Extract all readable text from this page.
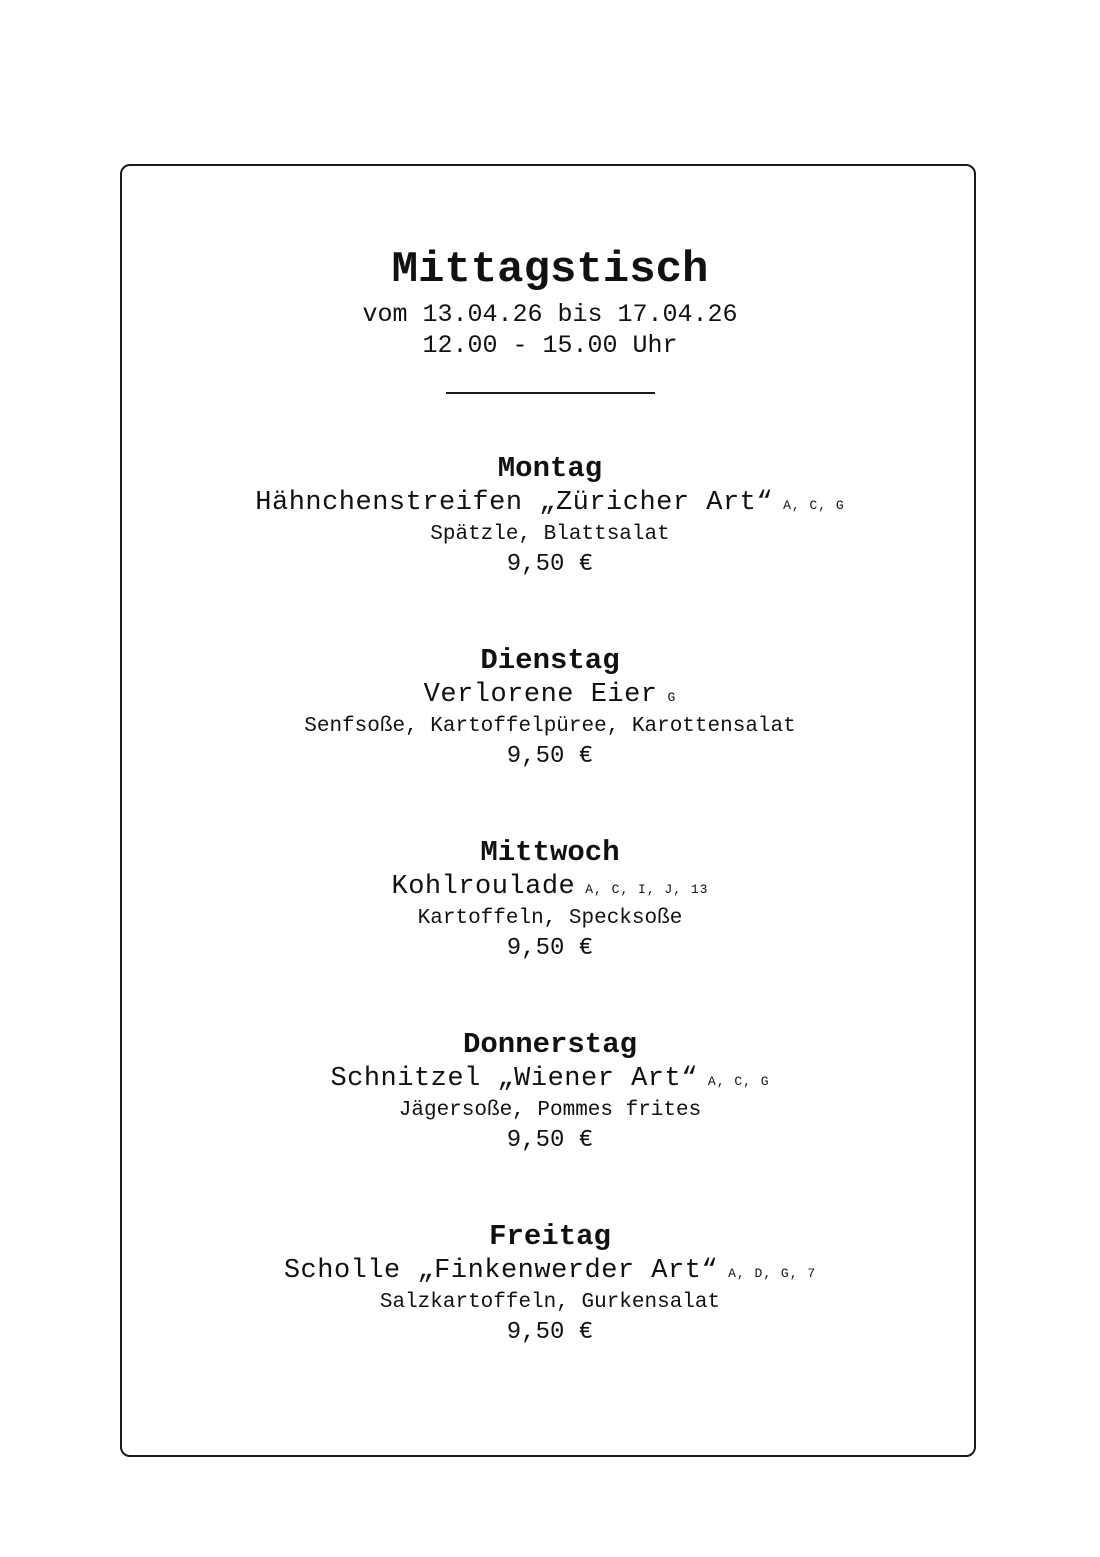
Mittagstisch
vom 13.04.26 bis 17.04.26
12.00 - 15.00 Uhr
Montag
Hähnchenstreifen „Züricher Art“ A, C, G
Spätzle, Blattsalat
9,50 €
Dienstag
Verlorene Eier G
Senfsoße, Kartoffelpüree, Karottensalat
9,50 €
Mittwoch
Kohlroulade A, C, I, J, 13
Kartoffeln, Specksoße
9,50 €
Donnerstag
Schnitzel „Wiener Art“ A, C, G
Jägersoße, Pommes frites
9,50 €
Freitag
Scholle „Finkenwerder Art“ A, D, G, 7
Salzkartoffeln, Gurkensalat
9,50 €
